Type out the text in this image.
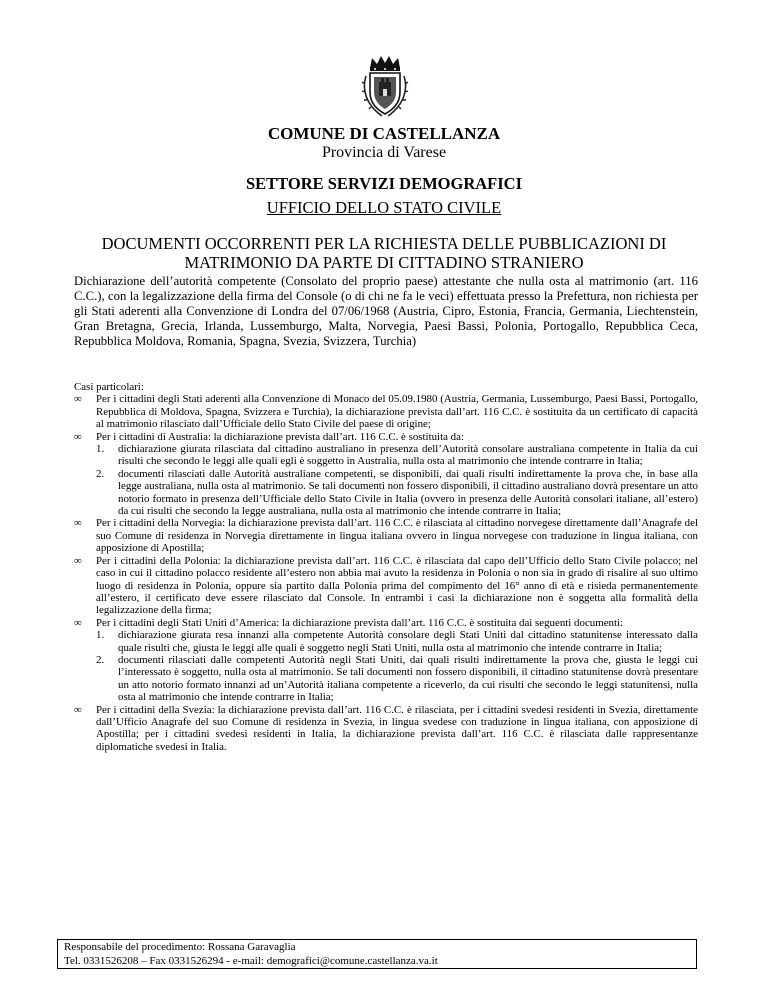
COMUNE DI CASTELLANZA
Provincia di Varese
SETTORE SERVIZI DEMOGRAFICI
UFFICIO DELLO STATO CIVILE
DOCUMENTI OCCORRENTI PER LA RICHIESTA DELLE PUBBLICAZIONI DI MATRIMONIO DA PARTE DI CITTADINO STRANIERO
Dichiarazione dell’autorità competente (Consolato del proprio paese) attestante che nulla osta al matrimonio (art. 116 C.C.), con la legalizzazione della firma del Console (o di chi ne fa le veci) effettuata presso la Prefettura, non richiesta per gli Stati aderenti alla Convenzione di Londra del 07/06/1968 (Austria, Cipro, Estonia, Francia, Germania, Liechtenstein, Gran Bretagna, Grecia, Irlanda, Lussemburgo, Malta, Norvegia, Paesi Bassi, Polonia, Portogallo, Repubblica Ceca, Repubblica Moldova, Romania, Spagna, Svezia, Svizzera, Turchia)

Casi particolari:

∞	Per i cittadini degli Stati aderenti alla Convenzione di Monaco del 05.09.1980 (Austria, Germania, Lussemburgo, Paesi Bassi, Portogallo, Repubblica di Moldova, Spagna, Svizzera e Turchia), la dichiarazione prevista dall’art. 116 C.C. è sostituita da un certificato di capacità al matrimonio rilasciato dall’Ufficiale dello Stato Civile del paese di origine;
∞	Per i cittadini di Australia: la dichiarazione prevista dall’art. 116 C.C. è sostituita da:
1. dichiarazione giurata rilasciata dal cittadino australiano in presenza dell’Autorità consolare australiana competente in Italia da cui risulti che secondo le leggi alle quali egli è soggetto in Australia, nulla osta al matrimonio che intende contrarre in Italia;
2. documenti rilasciati dalle Autorità australiane competenti, se disponibili, dai quali risulti indirettamente la prova che, in base alla legge australiana, nulla osta al matrimonio. Se tali documenti non fossero disponibili, il cittadino australiano dovrà presentare un atto notorio formato in presenza dell’Ufficiale dello Stato Civile in Italia (ovvero in presenza delle Autorità consolari italiane, all’estero) da cui risulti che secondo la legge australiana, nulla osta al matrimonio che intende contrarre in Italia;
∞	Per i cittadini della Norvegia: la dichiarazione prevista dall’art. 116 C.C. è rilasciata al cittadino norvegese direttamente dall’Anagrafe del suo Comune di residenza in Norvegia direttamente in lingua italiana ovvero in lingua norvegese con traduzione in lingua italiana, con apposizione di Apostilla;
∞	Per i cittadini della Polonia: la dichiarazione prevista dall’art. 116 C.C. è rilasciata dal capo dell’Ufficio dello Stato Civile polacco; nel caso in cui il cittadino polacco residente all’estero non abbia mai avuto la residenza in Polonia o non sia in grado di risalire al suo ultimo luogo di residenza in Polonia, oppure sia partito dalla Polonia prima del compimento del 16° anno di età e risieda permanentemente all’estero, il certificato deve essere rilasciato dal Console. In entrambi i casi la dichiarazione non è soggetta alla formalità della legalizzazione della firma;
∞	Per i cittadini degli Stati Uniti d’America: la dichiarazione prevista dall’art. 116 C.C. è sostituita dai seguenti documenti:
1. dichiarazione giurata resa innanzi alla competente Autorità consolare degli Stati Uniti dal cittadino statunitense interessato dalla quale risulti che, giusta le leggi alle quali è soggetto negli Stati Uniti, nulla osta al matrimonio che intende contrarre in Italia;
2. documenti rilasciati dalle competenti Autorità negli Stati Uniti, dai quali risulti indirettamente la prova che, giusta le leggi cui l’interessato è soggetto, nulla osta al matrimonio. Se tali documenti non fossero disponibili, il cittadino statunitense dovrà presentare un atto notorio formato innanzi ad un’Autorità italiana competente a riceverlo, da cui risulti che secondo le leggi statunitensi, nulla osta al matrimonio che intende contrarre in Italia;
∞	Per i cittadini della Svezia: la dichiarazione prevista dall’art. 116 C.C. è rilasciata, per i cittadini svedesi residenti in Svezia, direttamente dall’Ufficio Anagrafe del suo Comune di residenza in Svezia, in lingua svedese con traduzione in lingua italiana, con apposizione di Apostilla; per i cittadini svedesi residenti in Italia, la dichiarazione prevista dall’art. 116 C.C. è rilasciata dalle rappresentanze diplomatiche svedesi in Italia.
Responsabile del procedimento: Rossana Garavaglia
Tel. 0331526208 – Fax 0331526294 - e-mail: demografici@comune.castellanza.va.it
